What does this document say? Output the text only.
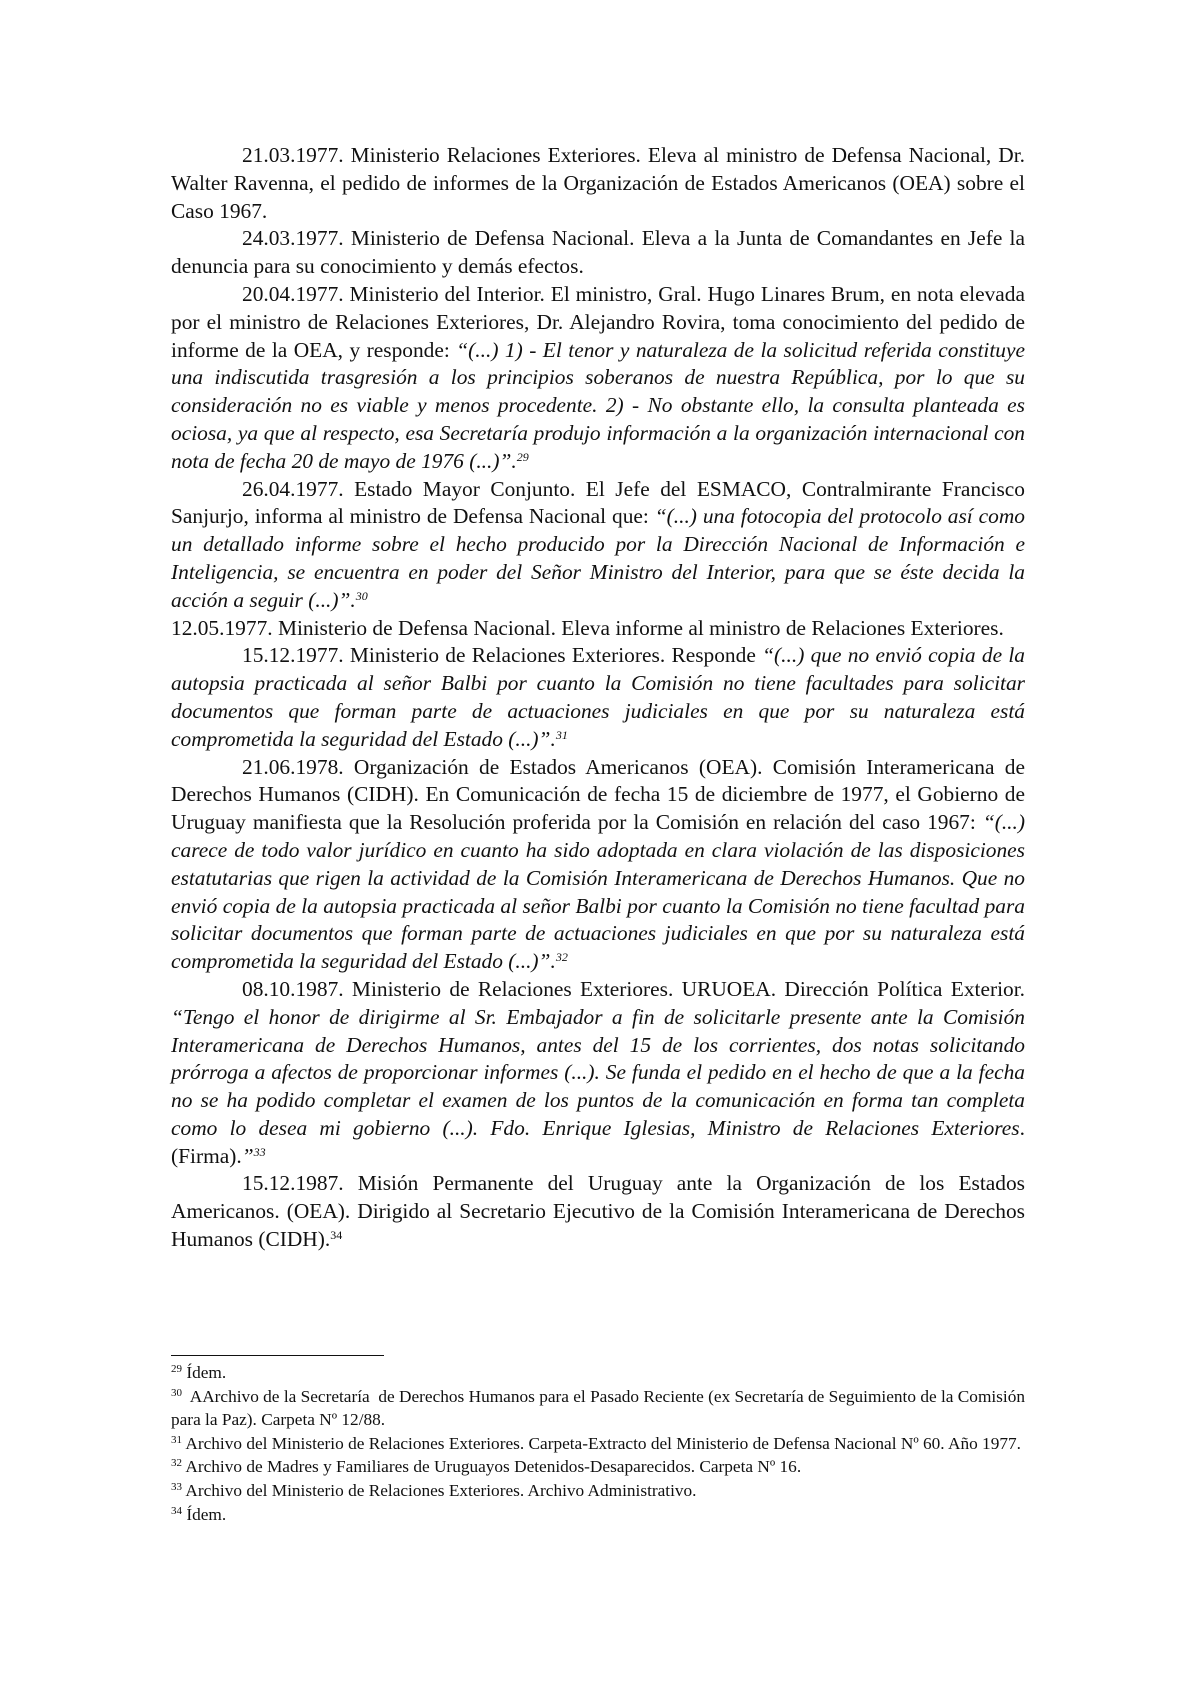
21.03.1977. Ministerio Relaciones Exteriores. Eleva al ministro de Defensa Nacional, Dr. Walter Ravenna, el pedido de informes de la Organización de Estados Americanos (OEA) sobre el Caso 1967.

24.03.1977. Ministerio de Defensa Nacional. Eleva a la Junta de Comandantes en Jefe la denuncia para su conocimiento y demás efectos.

20.04.1977. Ministerio del Interior. El ministro, Gral. Hugo Linares Brum, en nota elevada por el ministro de Relaciones Exteriores, Dr. Alejandro Rovira, toma conocimiento del pedido de informe de la OEA, y responde: “(...) 1) - El tenor y naturaleza de la solicitud referida constituye una indiscutida trasgresión a los principios soberanos de nuestra República, por lo que su consideración no es viable y menos procedente. 2) - No obstante ello, la consulta planteada es ociosa, ya que al respecto, esa Secretaría produjo información a la organización internacional con nota de fecha 20 de mayo de 1976 (...)”.$^{29}$

26.04.1977. Estado Mayor Conjunto. El Jefe del ESMACO, Contralmirante Francisco Sanjurjo, informa al ministro de Defensa Nacional que: “(...) una fotocopia del protocolo así como un detallado informe sobre el hecho producido por la Dirección Nacional de Información e Inteligencia, se encuentra en poder del Señor Ministro del Interior, para que se éste decida la acción a seguir (...)”.$^{30}$

12.05.1977. Ministerio de Defensa Nacional. Eleva informe al ministro de Relaciones Exteriores.

15.12.1977. Ministerio de Relaciones Exteriores. Responde “(...) que no envió copia de la autopsia practicada al señor Balbi por cuanto la Comisión no tiene facultades para solicitar documentos que forman parte de actuaciones judiciales en que por su naturaleza está comprometida la seguridad del Estado (...)”.$^{31}$

21.06.1978. Organización de Estados Americanos (OEA). Comisión Interamericana de Derechos Humanos (CIDH). En Comunicación de fecha 15 de diciembre de 1977, el Gobierno de Uruguay manifiesta que la Resolución proferida por la Comisión en relación del caso 1967: “(...) carece de todo valor jurídico en cuanto ha sido adoptada en clara violación de las disposiciones estatutarias que rigen la actividad de la Comisión Interamericana de Derechos Humanos. Que no envió copia de la autopsia practicada al señor Balbi por cuanto la Comisión no tiene facultad para solicitar documentos que forman parte de actuaciones judiciales en que por su naturaleza está comprometida la seguridad del Estado (...)”.$^{32}$

08.10.1987. Ministerio de Relaciones Exteriores. URUOEA. Dirección Política Exterior. “Tengo el honor de dirigirme al Sr. Embajador a fin de solicitarle presente ante la Comisión Interamericana de Derechos Humanos, antes del 15 de los corrientes, dos notas solicitando prórroga a afectos de proporcionar informes (...). Se funda el pedido en el hecho de que a la fecha no se ha podido completar el examen de los puntos de la comunicación en forma tan completa como lo desea mi gobierno (...). Fdo. Enrique Iglesias, Ministro de Relaciones Exteriores. (Firma).”$^{33}$

15.12.1987. Misión Permanente del Uruguay ante la Organización de los Estados Americanos. (OEA). Dirigido al Secretario Ejecutivo de la Comisión Interamericana de Derechos Humanos (CIDH).$^{34}$

$^{29}$ Ídem.

$^{30}$  AArchivo de la Secretaría  de Derechos Humanos para el Pasado Reciente (ex Secretaría de Seguimiento de la Comisión para la Paz). Carpeta Nº 12/88.

$^{31}$ Archivo del Ministerio de Relaciones Exteriores. Carpeta-Extracto del Ministerio de Defensa Nacional Nº 60. Año 1977.

$^{32}$ Archivo de Madres y Familiares de Uruguayos Detenidos-Desaparecidos. Carpeta Nº 16.

$^{33}$ Archivo del Ministerio de Relaciones Exteriores. Archivo Administrativo.

$^{34}$ Ídem.
